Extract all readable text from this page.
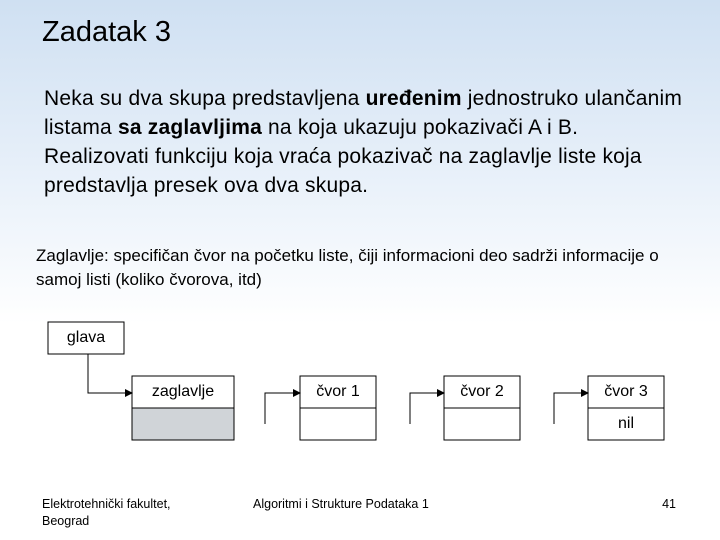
Zadatak 3
Neka su dva skupa predstavljena uređenim jednostruko ulančanim listama sa zaglavljima na koja ukazuju pokazivači A i B. Realizovati funkciju koja vraća pokazivač na zaglavlje liste koja predstavlja presek ova dva skupa.
Zaglavlje: specifičan čvor na početku liste, čiji informacioni deo sadrži informacije o samoj listi (koliko čvorova, itd)
glava
zaglavlje	čvor 1	čvor 2	čvor 3
nil
Elektrotehnički fakultet, Beograd
Algoritmi i Strukture Podataka 1	41
